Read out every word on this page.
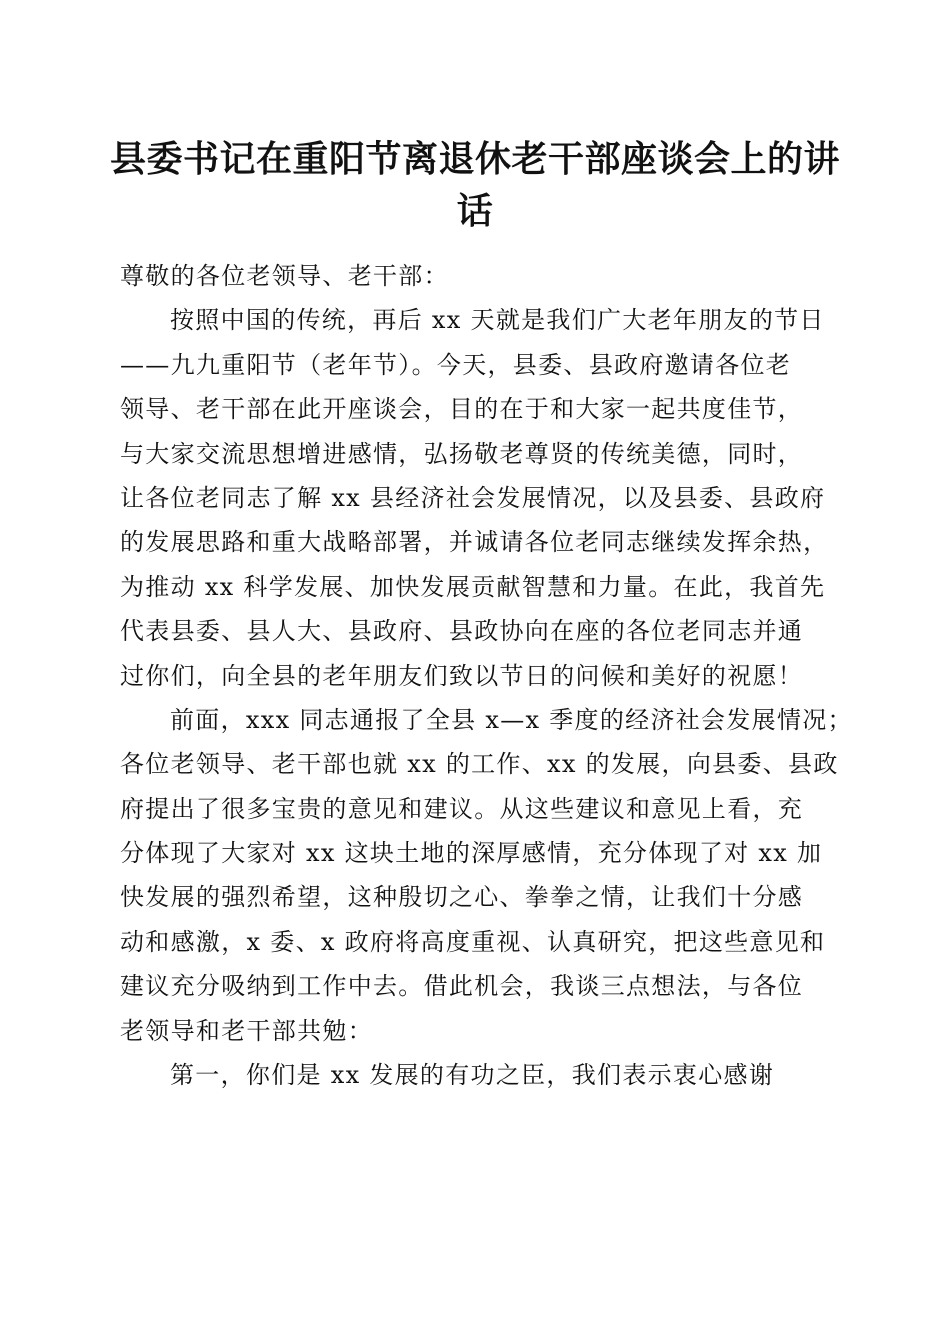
县委书记在重阳节离退休老干部座谈会上的讲
话
尊敬的各位老领导、老干部：
按照中国的传统，再后 xx 天就是我们广大老年朋友的节日
——九九重阳节（老年节）。今天，县委、县政府邀请各位老
领导、老干部在此开座谈会，目的在于和大家一起共度佳节，
与大家交流思想增进感情，弘扬敬老尊贤的传统美德，同时，
让各位老同志了解 xx 县经济社会发展情况，以及县委、县政府
的发展思路和重大战略部署，并诚请各位老同志继续发挥余热，
为推动 xx 科学发展、加快发展贡献智慧和力量。在此，我首先
代表县委、县人大、县政府、县政协向在座的各位老同志并通
过你们，向全县的老年朋友们致以节日的问候和美好的祝愿！
前面，xxx 同志通报了全县 x—x 季度的经济社会发展情况；
各位老领导、老干部也就 xx 的工作、xx 的发展，向县委、县政
府提出了很多宝贵的意见和建议。从这些建议和意见上看，充
分体现了大家对 xx 这块土地的深厚感情，充分体现了对 xx 加
快发展的强烈希望，这种殷切之心、拳拳之情，让我们十分感
动和感激，x 委、x 政府将高度重视、认真研究，把这些意见和
建议充分吸纳到工作中去。借此机会，我谈三点想法，与各位
老领导和老干部共勉：
第一，你们是 xx 发展的有功之臣，我们表示衷心感谢
